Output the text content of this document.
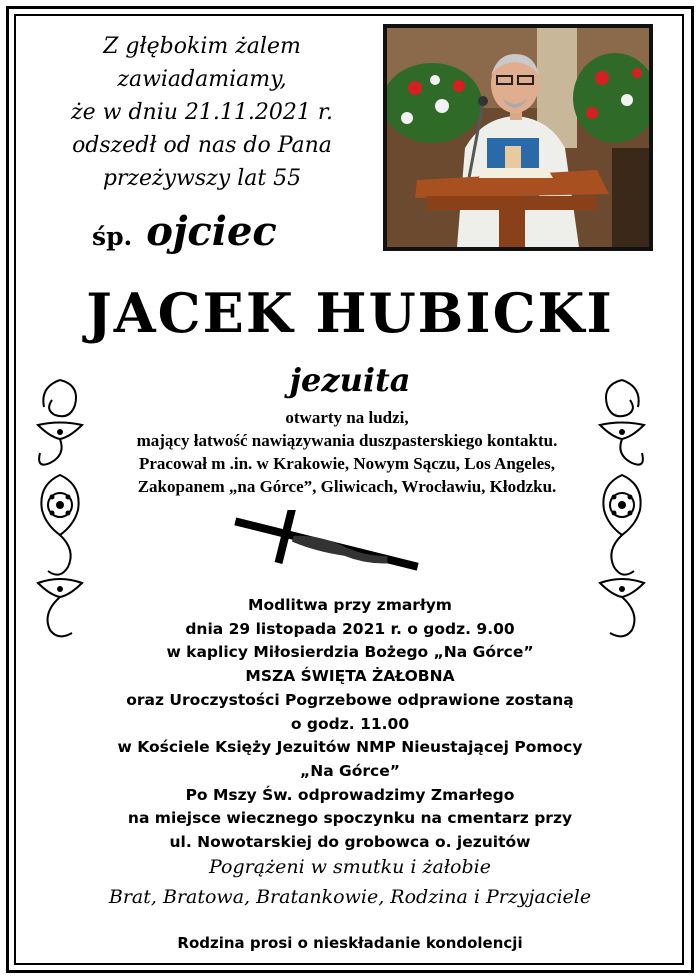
Z głębokim żalem
zawiadamiamy,
że w dniu 21.11.2021 r.
odszedł od nas do Pana
przeżywszy lat 55
śp. ojciec
JACEK HUBICKI
jezuita
otwarty na ludzi,
mający łatwość nawiązywania duszpasterskiego kontaktu.
Pracował m .in. w Krakowie, Nowym Sączu, Los Angeles,
Zakopanem „na Górce”, Gliwicach, Wrocławiu, Kłodzku.
Modlitwa przy zmarłym
dnia 29 listopada 2021 r. o godz. 9.00
w kaplicy Miłosierdzia Bożego „Na Górce”
MSZA ŚWIĘTA ŻAŁOBNA
oraz Uroczystości Pogrzebowe odprawione zostaną
o godz. 11.00
w Kościele Księży Jezuitów NMP Nieustającej Pomocy
„Na Górce”
Po Mszy Św. odprowadzimy Zmarłego
na miejsce wiecznego spoczynku na cmentarz przy
ul. Nowotarskiej do grobowca o. jezuitów
Pogrążeni w smutku i żałobie
Brat, Bratowa, Bratankowie, Rodzina i Przyjaciele
Rodzina prosi o nieskładanie kondolencji
